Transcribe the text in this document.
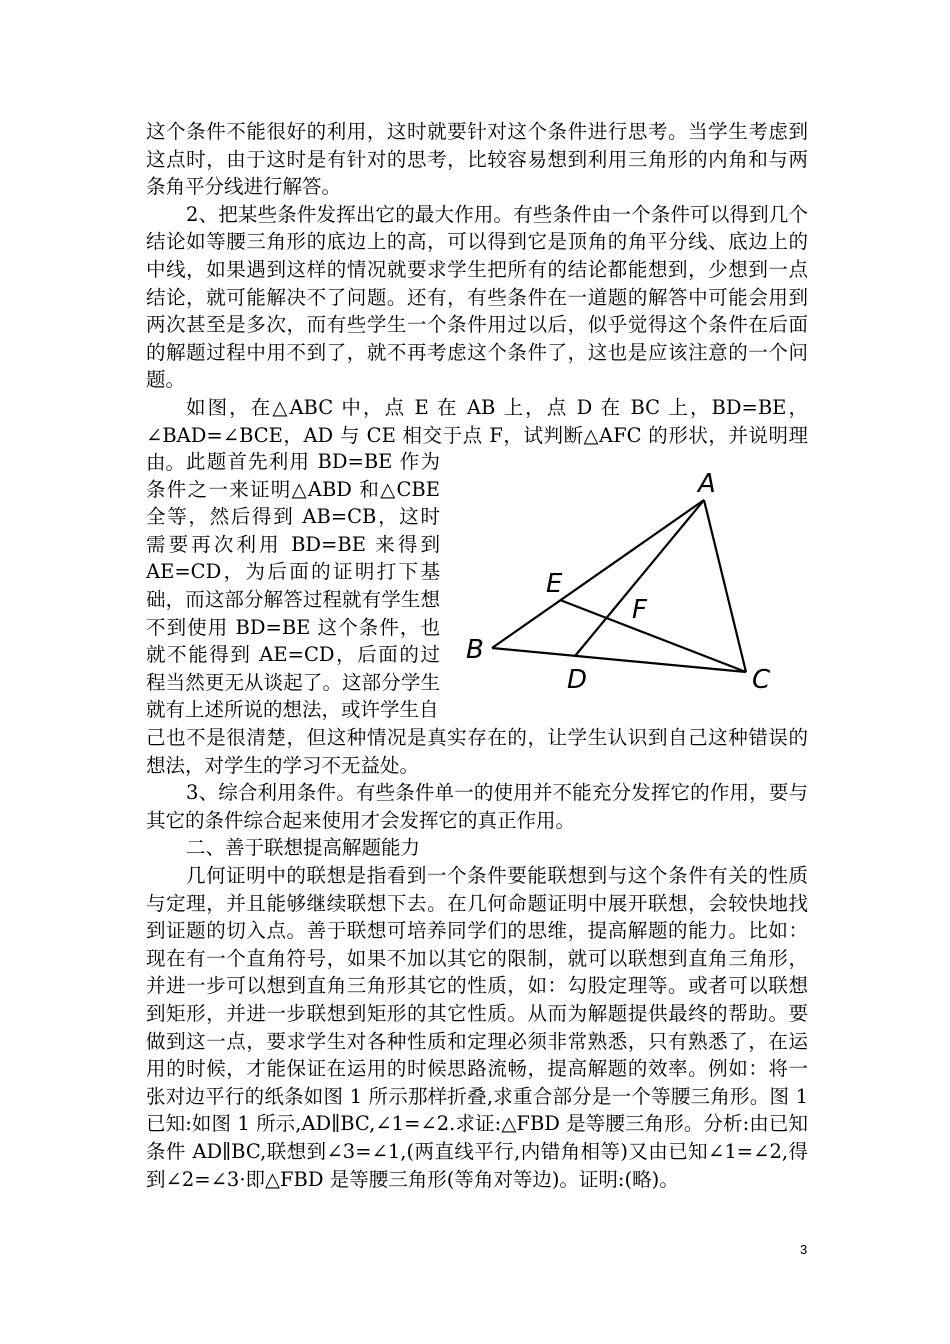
这个条件不能很好的利用，这时就要针对这个条件进行思考。当学生考虑到这点时，由于这时是有针对的思考，比较容易想到利用三角形的内角和与两条角平分线进行解答。

2、把某些条件发挥出它的最大作用。有些条件由一个条件可以得到几个结论如等腰三角形的底边上的高，可以得到它是顶角的角平分线、底边上的中线，如果遇到这样的情况就要求学生把所有的结论都能想到，少想到一点结论，就可能解决不了问题。还有，有些条件在一道题的解答中可能会用到两次甚至是多次，而有些学生一个条件用过以后，似乎觉得这个条件在后面的解题过程中用不到了，就不再考虑这个条件了，这也是应该注意的一个问题。

如图，在△ABC 中，点 E 在 AB 上，点 D 在 BC 上，BD=BE，∠BAD=∠BCE，AD 与 CE 相交于点 F，试判断△AFC 的形状，并说明理由。 此题首先利用 BD=BE 作为条件之一来证明△ABD 和△CBE 全等，然后得到 AB=CB，这时需要再次利用 BD=BE 来得到 AE=CD，为后面的证明打下基础，而这部分解答过程就有学生想不到使用 BD=BE 这个条件，也就不能得到 AE=CD，后面的过程当然更无从谈起了。这部分学生就有上述所说的想法，或许学生自
A
B
C
D
E
F

己也不是很清楚，但这种情况是真实存在的，让学生认识到自己这种错误的想法，对学生的学习不无益处。

3、综合利用条件。有些条件单一的使用并不能充分发挥它的作用，要与其它的条件综合起来使用才会发挥它的真正作用。

二、善于联想提高解题能力

几何证明中的联想是指看到一个条件要能联想到与这个条件有关的性质与定理，并且能够继续联想下去。在几何命题证明中展开联想，会较快地找到证题的切入点。善于联想可培养同学们的思维，提高解题的能力。比如：现在有一个直角符号，如果不加以其它的限制，就可以联想到直角三角形，并进一步可以想到直角三角形其它的性质，如：勾股定理等。或者可以联想到矩形，并进一步联想到矩形的其它性质。从而为解题提供最终的帮助。要做到这一点，要求学生对各种性质和定理必须非常熟悉，只有熟悉了，在运用的时候，才能保证在运用的时候思路流畅，提高解题的效率。例如：将一张对边平行的纸条如图 1 所示那样折叠,求重合部分是一个等腰三角形。图 1 已知:如图 1 所示,AD∥BC,∠1=∠2.求证:△FBD 是等腰三角形。分析:由已知条件 AD∥BC,联想到∠3=∠1,(两直线平行,内错角相等)又由已知∠1=∠2,得到∠2=∠3·即△FBD 是等腰三角形(等角对等边)。证明:(略)。

3
